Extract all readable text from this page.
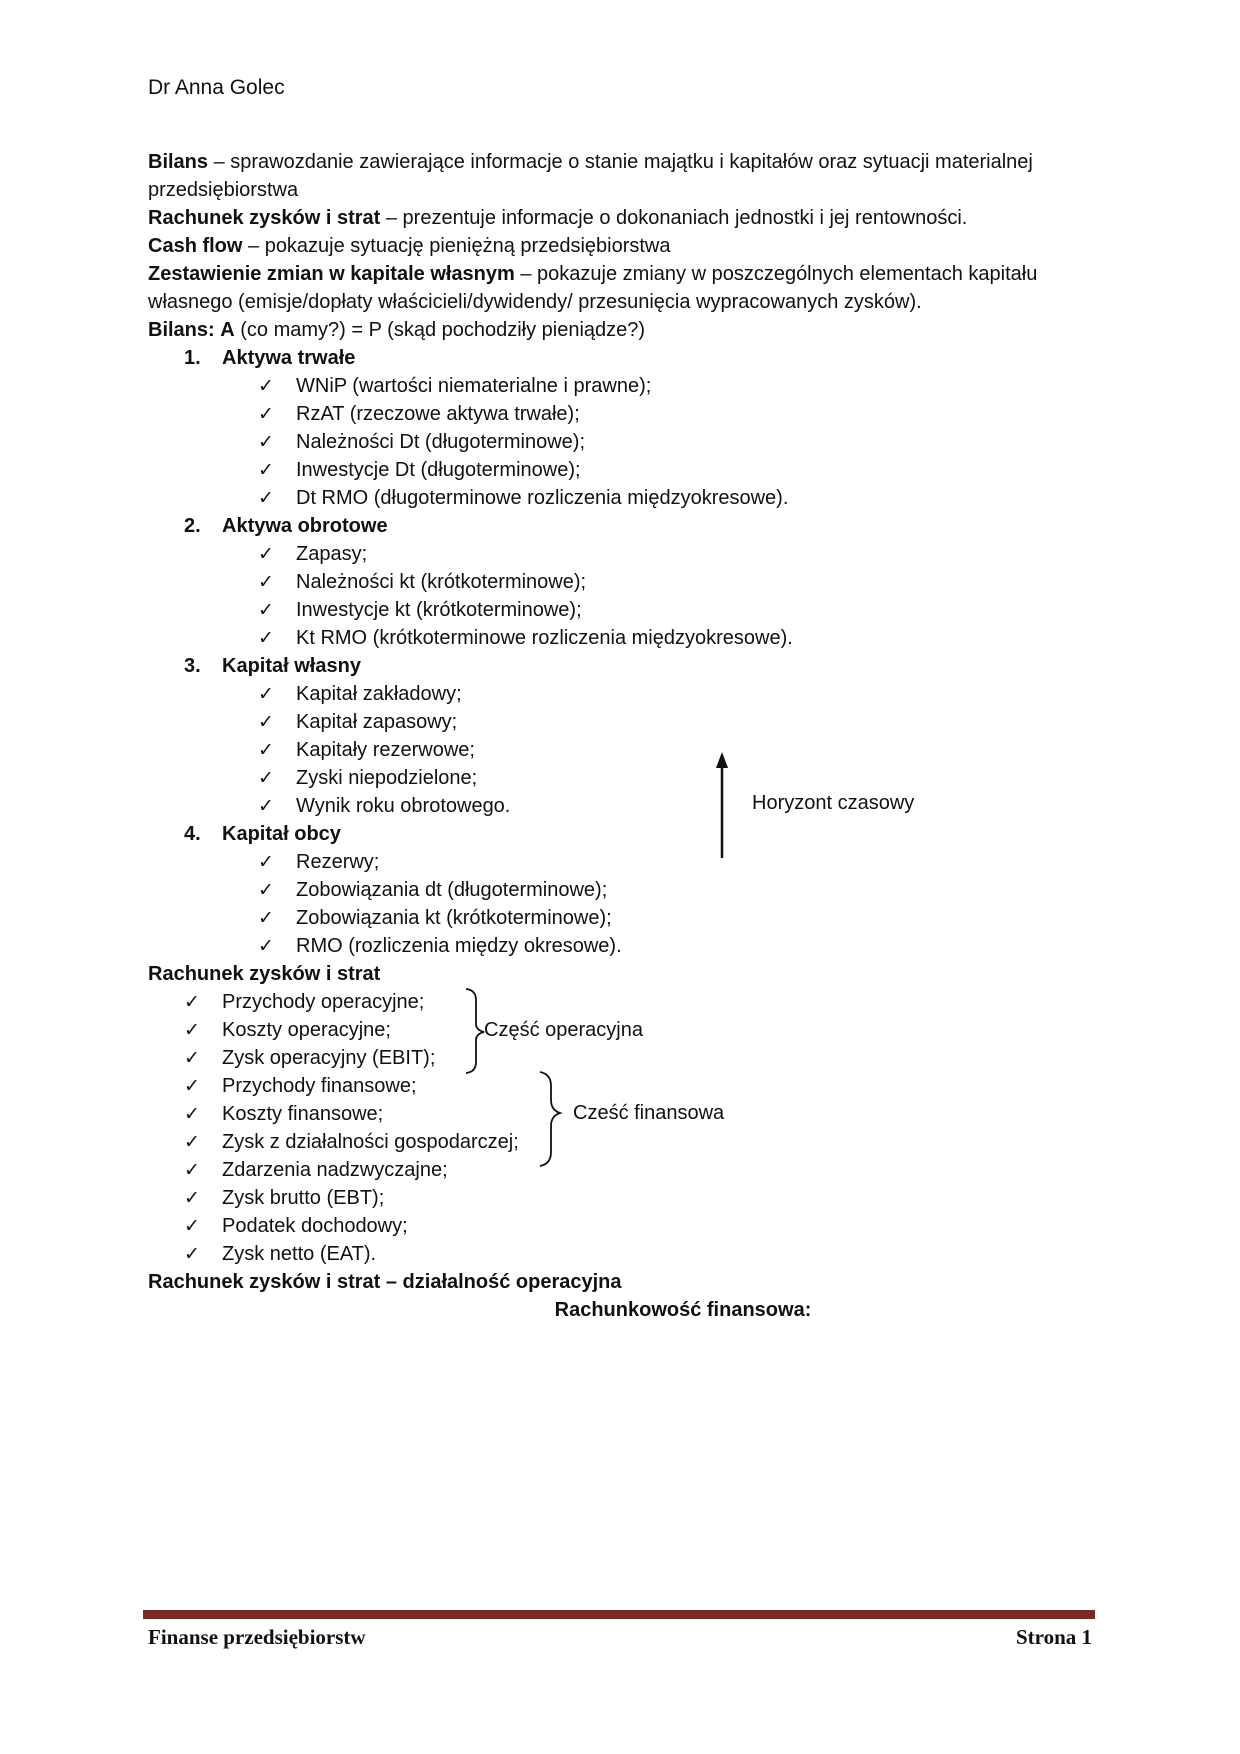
Dr Anna Golec
Bilans – sprawozdanie zawierające informacje o stanie majątku i kapitałów oraz sytuacji materialnej przedsiębiorstwa
Rachunek zysków i strat – prezentuje informacje o dokonaniach jednostki i jej rentowności.
Cash flow – pokazuje sytuację pieniężną przedsiębiorstwa
Zestawienie zmian w kapitale własnym – pokazuje zmiany w poszczególnych elementach kapitału własnego (emisje/dopłaty właścicieli/dywidendy/ przesunięcia wypracowanych zysków).
Bilans: A (co mamy?) = P (skąd pochodziły pieniądze?)
1. Aktywa trwałe
✓ WNiP (wartości niematerialne i prawne);
✓ RzAT (rzeczowe aktywa trwałe);
✓ Należności Dt (długoterminowe);
✓ Inwestycje Dt (długoterminowe);
✓ Dt RMO (długoterminowe rozliczenia międzyokresowe).
2. Aktywa obrotowe
✓ Zapasy;
✓ Należności kt (krótkoterminowe);
✓ Inwestycje kt (krótkoterminowe);
✓ Kt RMO (krótkoterminowe rozliczenia międzyokresowe).
3. Kapitał własny
✓ Kapitał zakładowy;
✓ Kapitał zapasowy;
✓ Kapitały rezerwowe;
✓ Zyski niepodzielone;
✓ Wynik roku obrotowego.
4. Kapitał obcy
✓ Rezerwy;
✓ Zobowiązania dt (długoterminowe);
✓ Zobowiązania kt (krótkoterminowe);
✓ RMO (rozliczenia między okresowe).
Rachunek zysków i strat
✓ Przychody operacyjne;
✓ Koszty operacyjne;
✓ Zysk operacyjny (EBIT);
✓ Przychody finansowe;
✓ Koszty finansowe;
✓ Zysk z działalności gospodarczej;
✓ Zdarzenia nadzwyczajne;
✓ Zysk brutto (EBT);
✓ Podatek dochodowy;
✓ Zysk netto (EAT).
Rachunek zysków i strat – działalność operacyjna
Rachunkowość finansowa:
Horyzont czasowy
Część operacyjna
Cześć finansowa
Finanse przedsiębiorstw	Strona 1
